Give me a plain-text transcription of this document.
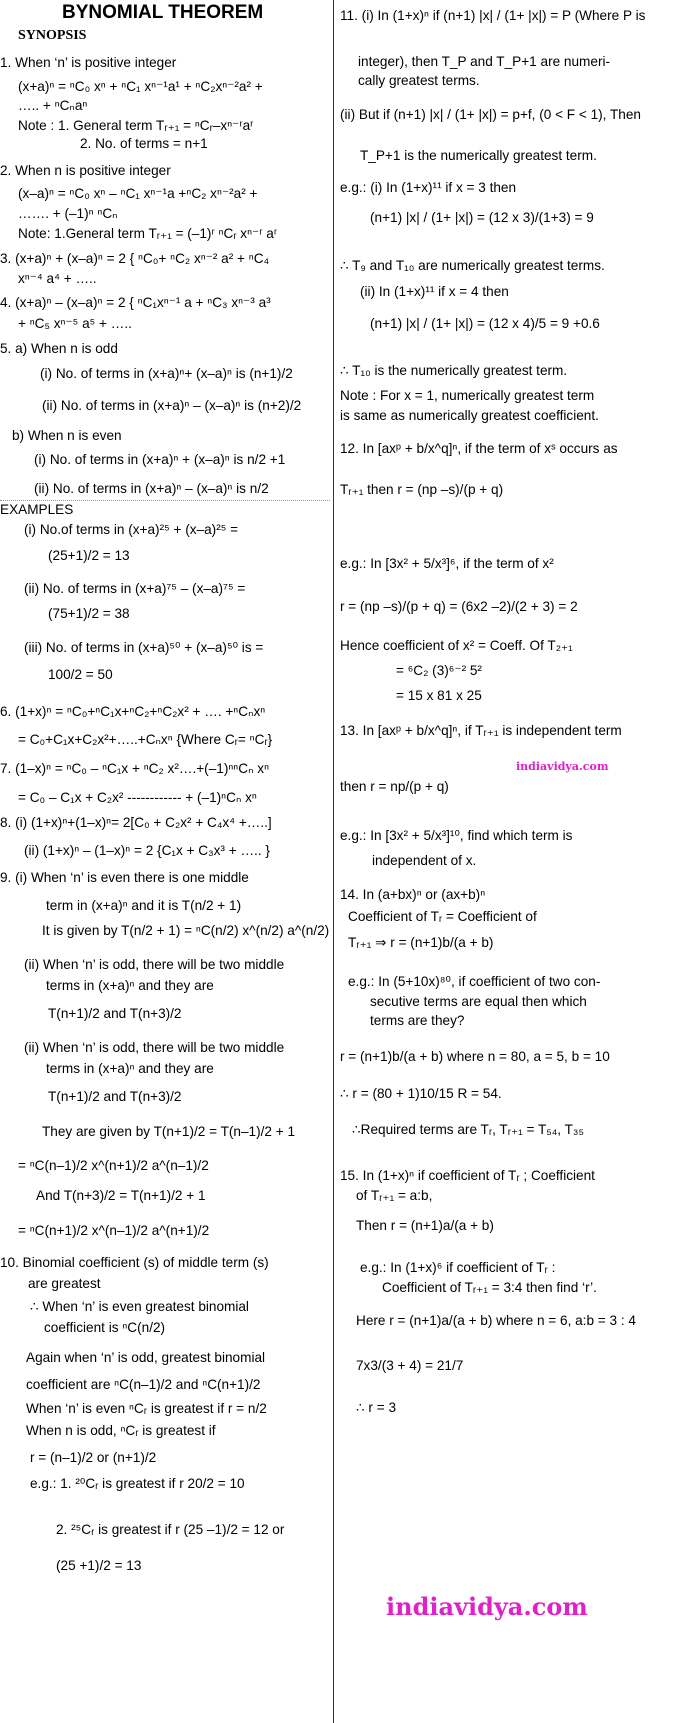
BYNOMIAL THEOREM
SYNOPSIS
1. When ‘n’ is positive integer
(x+a)ⁿ = ⁿC₀ xⁿ + ⁿC₁ xⁿ⁻¹a¹ + ⁿC₂xⁿ⁻²a² +
….. + ⁿCₙaⁿ
Note : 1. General term Tᵣ₊₁ = ⁿCᵣ–xⁿ⁻ʳaʳ
2. No. of terms = n+1
2. When n is positive integer
(x–a)ⁿ = ⁿC₀ xⁿ – ⁿC₁ xⁿ⁻¹a +ⁿC₂ xⁿ⁻²a² +
……. + (–1)ⁿ ⁿCₙ
Note: 1.General term Tᵣ₊₁ = (–1)ʳ ⁿCᵣ xⁿ⁻ʳ aʳ
3. (x+a)ⁿ + (x–a)ⁿ = 2 { ⁿC₀+ ⁿC₂ xⁿ⁻² a² + ⁿC₄
xⁿ⁻⁴ a⁴ + …..
4. (x+a)ⁿ – (x–a)ⁿ = 2 { ⁿC₁xⁿ⁻¹ a + ⁿC₃ xⁿ⁻³ a³
+ ⁿC₅ xⁿ⁻⁵ a⁵ + …..
5. a) When n is odd
(i) No. of terms in (x+a)ⁿ+ (x–a)ⁿ is (n+1)/2
(ii) No. of terms in (x+a)ⁿ – (x–a)ⁿ is (n+2)/2
b) When n is even
(i) No. of terms in (x+a)ⁿ + (x–a)ⁿ is n/2 +1
(ii) No. of terms in (x+a)ⁿ – (x–a)ⁿ is n/2
(i) No.of terms in (x+a)²⁵ + (x–a)²⁵ =
(25+1)/2 = 13
(ii) No. of terms in (x+a)⁷⁵ – (x–a)⁷⁵ =
(75+1)/2 = 38
(iii) No. of terms in (x+a)⁵⁰ + (x–a)⁵⁰ is =
100/2 = 50
6. (1+x)ⁿ = ⁿC₀+ⁿC₁x+ⁿC₂+ⁿC₂x² + …. +ⁿCₙxⁿ
= C₀+C₁x+C₂x²+…..+Cₙxⁿ {Where Cᵣ= ⁿCᵣ}
7. (1–x)ⁿ = ⁿC₀ – ⁿC₁x + ⁿC₂ x²….+(–1)ⁿⁿCₙ xⁿ
= C₀ – C₁x + C₂x² ------------ + (–1)ⁿCₙ xⁿ
8. (i) (1+x)ⁿ+(1–x)ⁿ= 2[C₀ + C₂x² + C₄x⁴ +…..]
(ii) (1+x)ⁿ – (1–x)ⁿ = 2 {C₁x + C₃x³ + ….. }
9. (i) When ‘n’ is even there is one middle
term in (x+a)ⁿ and it is T(n/2 + 1)
It is given by T(n/2 + 1) = ⁿC(n/2) x^(n/2) a^(n/2)
(ii) When ‘n’ is odd, there will be two middle
terms in (x+a)ⁿ and they are
T(n+1)/2 and T(n+3)/2
(ii) When ‘n’ is odd, there will be two middle
terms in (x+a)ⁿ and they are
T(n+1)/2 and T(n+3)/2
They are given by T(n+1)/2 = T(n–1)/2 + 1
= ⁿC(n–1)/2 x^(n+1)/2 a^(n–1)/2
And T(n+3)/2 = T(n+1)/2 + 1
= ⁿC(n+1)/2 x^(n–1)/2 a^(n+1)/2
10. Binomial coefficient (s) of middle term (s)
are greatest
∴ When ‘n’ is even greatest binomial
coefficient is ⁿC(n/2)
Again when ‘n’ is odd, greatest binomial
coefficient are ⁿC(n–1)/2 and ⁿC(n+1)/2
When ‘n’ is even ⁿCᵣ is greatest if r = n/2
When n is odd, ⁿCᵣ is greatest if
r = (n–1)/2 or (n+1)/2
e.g.: 1. ²⁰Cᵣ is greatest if r 20/2 = 10
2. ²⁵Cᵣ is greatest if r (25 –1)/2 = 12 or
(25 +1)/2 = 13
EXAMPLES
11. (i) In (1+x)ⁿ if (n+1) |x| / (1+ |x|) = P (Where P is
integer), then T_P and T_P+1 are numeri-
cally greatest terms.
(ii) But if (n+1) |x| / (1+ |x|) = p+f, (0 < F < 1), Then
T_P+1 is the numerically greatest term.
e.g.: (i) In (1+x)¹¹ if x = 3 then
(n+1) |x| / (1+ |x|) = (12 x 3)/(1+3) = 9
∴ T₉ and T₁₀ are numerically greatest terms.
(ii) In (1+x)¹¹ if x = 4 then
(n+1) |x| / (1+ |x|) = (12 x 4)/5 = 9 +0.6
∴ T₁₀ is the numerically greatest term.
Note : For x = 1, numerically greatest term
is same as numerically greatest coefficient.
12. In [axᵖ + b/x^q]ⁿ, if the term of xˢ occurs as
Tᵣ₊₁ then r = (np –s)/(p + q)
e.g.: In [3x² + 5/x³]⁶, if the term of x²
r = (np –s)/(p + q) = (6x2 –2)/(2 + 3) = 2
Hence coefficient of x² = Coeff. Of T₂₊₁
= ⁶C₂ (3)⁶⁻² 5²
= 15 x 81 x 25
13. In [axᵖ + b/x^q]ⁿ, if Tᵣ₊₁ is independent term
then r = np/(p + q)
e.g.: In [3x² + 5/x³]¹⁰, find which term is
independent of x.
14. In (a+bx)ⁿ or (ax+b)ⁿ
Coefficient of Tᵣ = Coefficient of
Tᵣ₊₁ ⇒ r = (n+1)b/(a + b)
e.g.: In (5+10x)⁸⁰, if coefficient of two con-
secutive terms are equal then which
terms are they?
r = (n+1)b/(a + b) where n = 80, a = 5, b = 10
∴ r = (80 + 1)10/15 R = 54.
∴Required terms are Tᵣ, Tᵣ₊₁ = T₅₄, T₃₅
15. In (1+x)ⁿ if coefficient of Tᵣ ; Coefficient
of Tᵣ₊₁ = a:b,
Then r = (n+1)a/(a + b)
e.g.: In (1+x)⁶ if coefficient of Tᵣ :
Coefficient of Tᵣ₊₁ = 3:4 then find ‘r’.
Here r = (n+1)a/(a + b) where n = 6, a:b = 3 : 4
7x3/(3 + 4) = 21/7
∴ r = 3
indiavidya.com
indiavidya.com
